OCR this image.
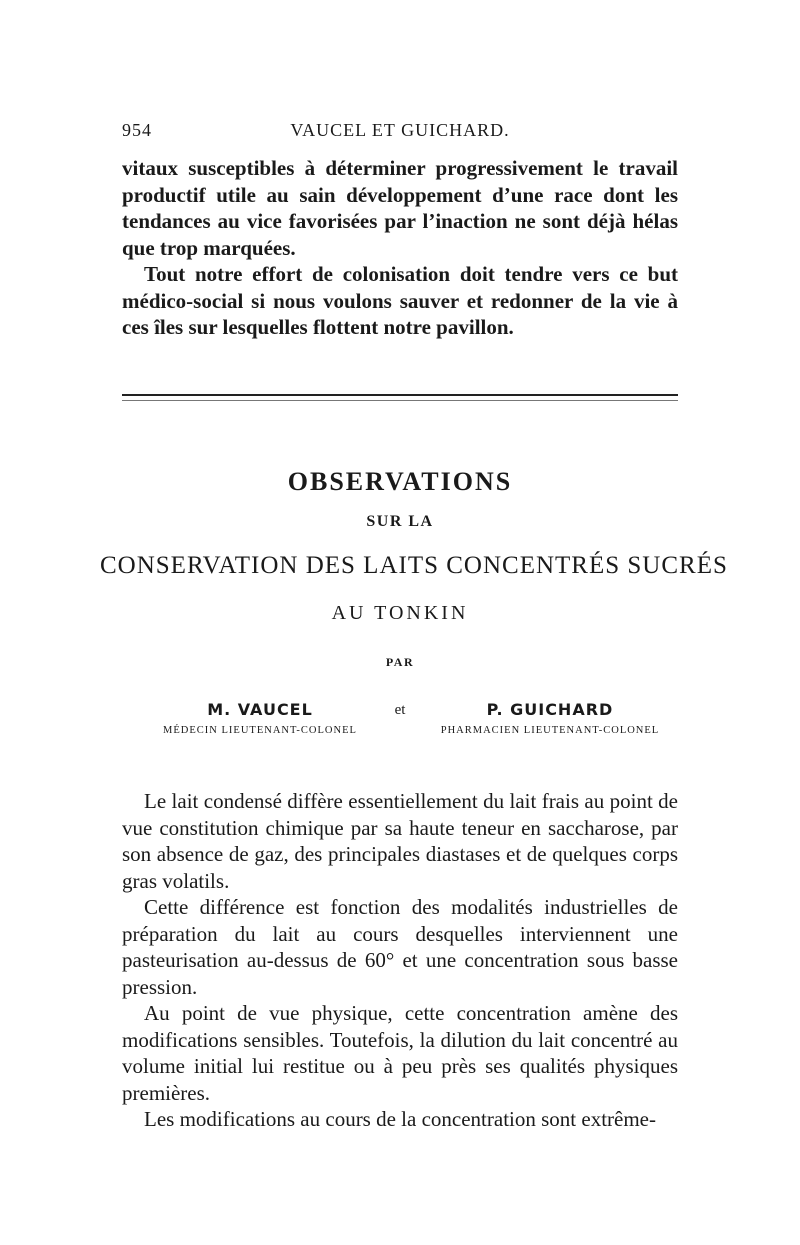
954	VAUCEL ET GUICHARD.

vitaux susceptibles à déterminer progressivement le travail productif utile au sain développement d’une race dont les tendances au vice favorisées par l’inaction ne sont déjà hélas que trop marquées.

Tout notre effort de colonisation doit tendre vers ce but médico-social si nous voulons sauver et redonner de la vie à ces îles sur lesquelles flottent notre pavillon.

OBSERVATIONS
SUR LA
CONSERVATION DES LAITS CONCENTRÉS SUCRÉS
AU TONKIN
PAR
M. VAUCEL
MÉDECIN LIEUTENANT-COLONEL
et	P. GUICHARD
PHARMACIEN LIEUTENANT-COLONEL

Le lait condensé diffère essentiellement du lait frais au point de vue constitution chimique par sa haute teneur en saccharose, par son absence de gaz, des principales diastases et de quelques corps gras volatils.

Cette différence est fonction des modalités industrielles de préparation du lait au cours desquelles interviennent une pasteurisation au-dessus de 60° et une concentration sous basse pression.

Au point de vue physique, cette concentration amène des modifications sensibles. Toutefois, la dilution du lait concentré au volume initial lui restitue ou à peu près ses qualités physiques premières.

Les modifications au cours de la concentration sont extrême-
